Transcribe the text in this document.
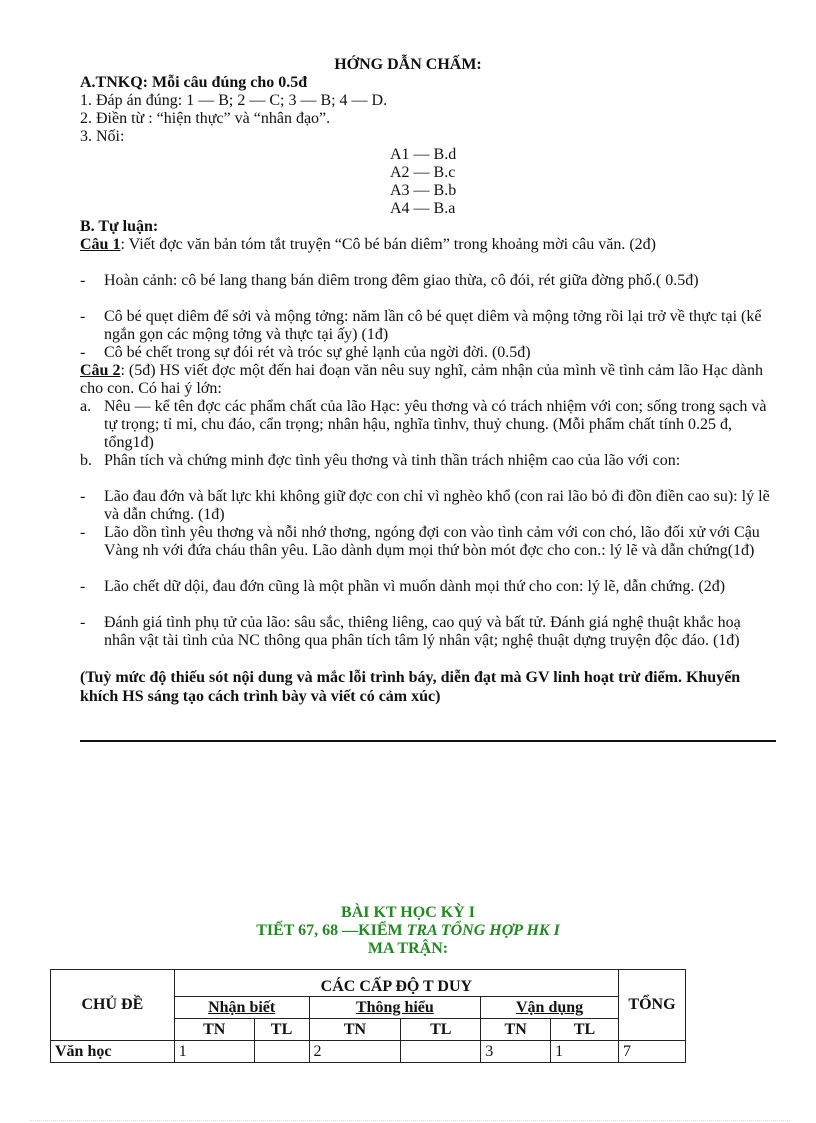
HỚNG DẪN CHẤM:
A.TNKQ: Mỗi câu đúng cho 0.5đ
1. Đáp án đúng: 1 — B; 2 — C; 3 — B; 4 — D.
2. Điền từ : “hiện thực” và “nhân đạo”.
3. Nối:
A1 — B.d
A2 — B.c
A3 — B.b
A4 — B.a
B. Tự luận:
Câu 1: Viết đợc văn bản tóm tắt truyện “Cô bé bán diêm” trong khoảng mời câu văn. (2đ)
-	Hoàn cảnh: cô bé lang thang bán diêm trong đêm giao thừa, cô đói, rét giữa đờng phố.( 0.5đ)
-	Cô bé quẹt diêm để sởi và mộng tởng: năm lần cô bé quẹt diêm và mộng tởng rồi lại trở về thực tại (kể ngắn gọn các mộng tởng và thực tại ấy) (1đ)
-	Cô bé chết trong sự đói rét và tróc sự ghẻ lạnh của ngời đời. (0.5đ)
Câu 2: (5đ) HS viết đợc một đến hai đoạn văn nêu suy nghĩ, cảm nhận của mình về tình cảm lão Hạc dành cho con. Có hai ý lớn:
a. Nêu — kể tên đợc các phẩm chất của lão Hạc: yêu thơng và có trách nhiệm với con; sống trong sạch và tự trọng; tỉ mỉ, chu đáo, cẩn trọng; nhân hậu, nghĩa tìnhv, thuỷ chung. (Mỗi phẩm chất tính 0.25 đ, tổng1đ)
b. Phân tích và chứng minh đợc tình yêu thơng và tinh thần trách nhiệm cao của lão với con:
-	Lão đau đớn và bất lực khi không giữ đợc con chỉ vì nghèo khổ (con rai lão bỏ đi đồn điền cao su): lý lẽ và dẫn chứng. (1đ)
-	Lão dồn tình yêu thơng và nỗi nhớ thơng, ngóng đợi con vào tình cảm với con chó, lão đối xử với Cậu Vàng nh với đứa cháu thân yêu. Lão dành dụm mọi thứ bòn mót đợc cho con.: lý lẽ và dẫn chứng(1đ)
-	Lão chết dữ dội, đau đớn cũng là một phần vì muốn dành mọi thứ cho con: lý lẽ, dẫn chứng. (2đ)
-	Đánh giá tình phụ tử của lão: sâu sắc, thiêng liêng, cao quý và bất tử. Đánh giá nghệ thuật khắc hoạ nhân vật tài tình của NC thông qua phân tích tâm lý nhân vật; nghệ thuật dựng truyện độc đáo. (1đ)
(Tuỳ mức độ thiếu sót nội dung và mắc lỗi trình báy, diễn đạt mà GV linh hoạt trừ điểm. Khuyến khích HS sáng tạo cách trình bày và viết có cảm xúc)
BÀI KT HỌC KỲ I
TIẾT 67, 68 —KIỂM TRA TỔNG HỢP HK I
MA TRẬN:
CHỦ ĐỀ	CÁC CẤP ĐỘ T DUY						TỔNG
	Nhận biết		Thông hiểu		Vận dụng		
	TN	TL	TN	TL	TN	TL	
Văn học	1		2		3	1	7
